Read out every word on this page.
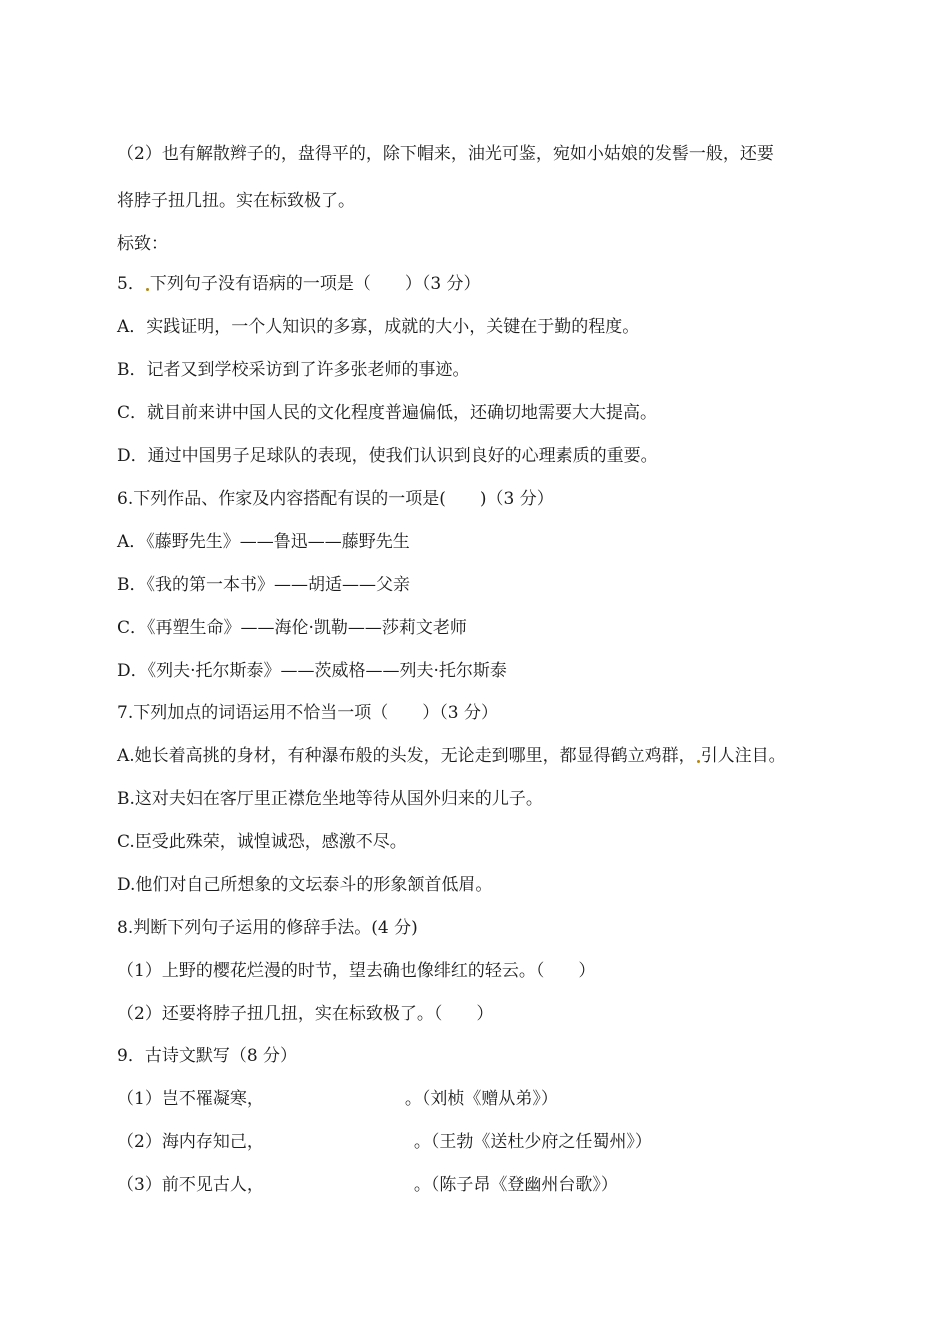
（2）也有解散辫子的，盘得平的，除下帽来，油光可鉴，宛如小姑娘的发髻一般，还要
将脖子扭几扭。实在标致极了。
标致：
5． 下列句子没有语病的一项是（　　）（3 分）
A．实践证明，一个人知识的多寡，成就的大小，关键在于勤的程度。
B．记者又到学校采访到了许多张老师的事迹。
C．就目前来讲中国人民的文化程度普遍偏低，还确切地需要大大提高。
D．通过中国男子足球队的表现，使我们认识到良好的心理素质的重要。
6.下列作品、作家及内容搭配有误的一项是(　　)（3 分）
A．《藤野先生》——鲁迅——藤野先生
B．《我的第一本书》——胡适——父亲
C．《再塑生命》——海伦·凯勒——莎莉文老师
D．《列夫·托尔斯泰》——茨威格——列夫·托尔斯泰
7.下列加点的词语运用不恰当一项（　　）（3 分）
A.她长着高挑的身材，有种瀑布般的头发，无论走到哪里，都显得鹤立鸡群， 引人注目。
B.这对夫妇在客厅里正襟危坐地等待从国外归来的儿子。
C.臣受此殊荣，诚惶诚恐，感激不尽。
D.他们对自己所想象的文坛泰斗的形象颔首低眉。
8.判断下列句子运用的修辞手法。(4 分)
（1）上野的樱花烂漫的时节，望去确也像绯红的轻云。（　　）
（2）还要将脖子扭几扭，实在标致极了。（　　）
9．古诗文默写（8 分）
（1）岂不罹凝寒，	。（刘桢《赠从弟》）
（2）海内存知己，	。（王勃《送杜少府之任蜀州》）
（3）前不见古人，	。（陈子昂《登幽州台歌》）
